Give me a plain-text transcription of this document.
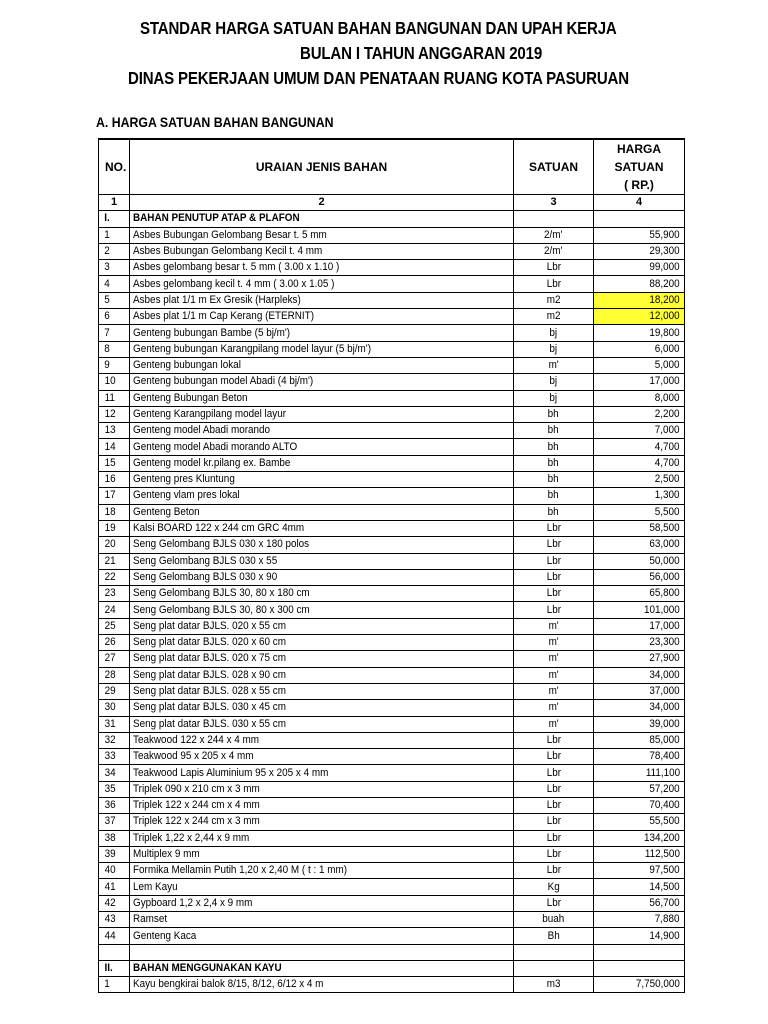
STANDAR HARGA SATUAN BAHAN BANGUNAN DAN UPAH KERJA
BULAN I TAHUN ANGGARAN 2019
DINAS PEKERJAAN UMUM DAN PENATAAN RUANG KOTA PASURUAN
A. HARGA SATUAN BAHAN BANGUNAN
NO.	URAIAN JENIS BAHAN	SATUAN	HARGA
SATUAN
( RP.)

1	2	3	4
I.	BAHAN PENUTUP ATAP & PLAFON		
1	Asbes Bubungan Gelombang Besar t. 5 mm	2/m'	55,900
2	Asbes Bubungan Gelombang Kecil t. 4 mm	2/m'	29,300
3	Asbes gelombang besar t. 5 mm ( 3.00 x 1.10 )	Lbr	99,000
4	Asbes gelombang kecil t. 4 mm ( 3.00 x 1.05 )	Lbr	88,200
5	Asbes plat 1/1 m Ex Gresik (Harpleks)	m2	18,200
6	Asbes plat 1/1 m Cap Kerang (ETERNIT)	m2	12,000
7	Genteng bubungan Bambe (5 bj/m')	bj	19,800
8	Genteng bubungan Karangpilang model layur (5 bj/m')	bj	6,000
9	Genteng bubungan lokal	m'	5,000
10	Genteng bubungan model Abadi (4 bj/m')	bj	17,000
11	Genteng Bubungan Beton	bj	8,000
12	Genteng Karangpilang model layur	bh	2,200
13	Genteng model Abadi morando	bh	7,000
14	Genteng model Abadi morando ALTO	bh	4,700
15	Genteng model kr.pilang ex. Bambe	bh	4,700
16	Genteng pres Kluntung	bh	2,500
17	Genteng vlam pres lokal	bh	1,300
18	Genteng Beton	bh	5,500
19	Kalsi BOARD 122 x 244 cm GRC 4mm	Lbr	58,500
20	Seng Gelombang BJLS 030 x 180 polos	Lbr	63,000
21	Seng Gelombang BJLS 030 x 55	Lbr	50,000
22	Seng Gelombang BJLS 030 x 90	Lbr	56,000
23	Seng Gelombang BJLS 30, 80 x 180 cm	Lbr	65,800
24	Seng Gelombang BJLS 30, 80 x 300 cm	Lbr	101,000
25	Seng plat datar BJLS. 020 x 55 cm	m'	17,000
26	Seng plat datar BJLS. 020 x 60 cm	m'	23,300
27	Seng plat datar BJLS. 020 x 75 cm	m'	27,900
28	Seng plat datar BJLS. 028 x 90 cm	m'	34,000
29	Seng plat datar BJLS. 028 x 55 cm	m'	37,000
30	Seng plat datar BJLS. 030 x 45 cm	m'	34,000
31	Seng plat datar BJLS. 030 x 55 cm	m'	39,000
32	Teakwood 122 x 244 x 4 mm	Lbr	85,000
33	Teakwood 95 x 205 x 4 mm	Lbr	78,400
34	Teakwood Lapis Aluminium 95 x 205 x 4 mm	Lbr	111,100
35	Triplek 090 x 210 cm x 3 mm	Lbr	57,200
36	Triplek 122 x 244 cm x 4 mm	Lbr	70,400
37	Triplek 122 x 244 cm x 3 mm	Lbr	55,500
38	Triplek 1,22 x 2,44 x 9 mm	Lbr	134,200
39	Multiplex 9 mm	Lbr	112,500
40	Formika Mellamin Putih 1,20 x 2,40 M ( t : 1 mm)	Lbr	97,500
41	Lem Kayu	Kg	14,500
42	Gypboard 1,2 x 2,4 x 9 mm	Lbr	56,700
43	Ramset	buah	7,880
44	Genteng Kaca	Bh	14,900

II.	BAHAN MENGGUNAKAN KAYU		
1	Kayu bengkirai balok 8/15, 8/12, 6/12 x 4 m	m3	7,750,000
